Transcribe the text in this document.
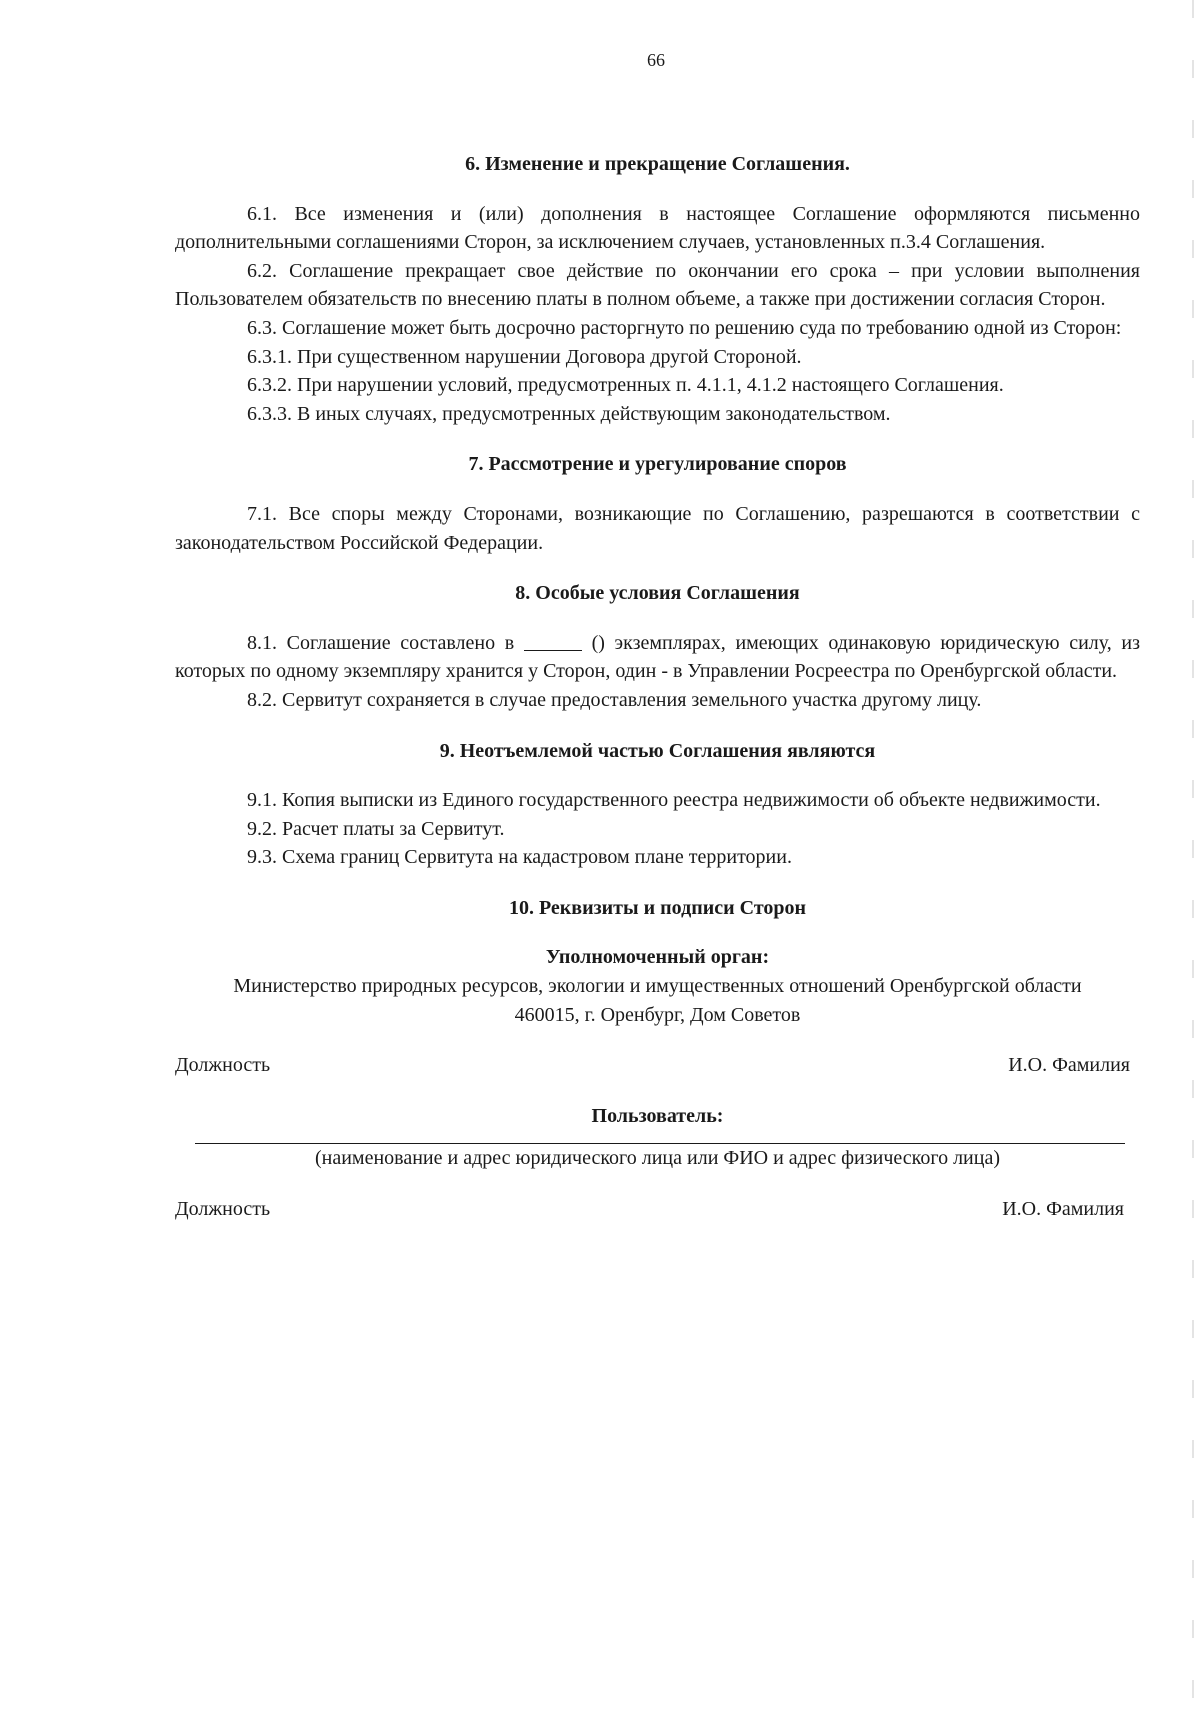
66
6. Изменение и прекращение Соглашения.

6.1. Все изменения и (или) дополнения в настоящее Соглашение оформляются письменно дополнительными соглашениями Сторон, за исключением случаев, установленных п.3.4 Соглашения.

6.2. Соглашение прекращает свое действие по окончании его срока – при условии выполнения Пользователем обязательств по внесению платы в полном объеме, а также при достижении согласия Сторон.

6.3. Соглашение может быть досрочно расторгнуто по решению суда по требованию одной из Сторон:

6.3.1. При существенном нарушении Договора другой Стороной.

6.3.2. При нарушении условий, предусмотренных п. 4.1.1, 4.1.2 настоящего Соглашения.

6.3.3. В иных случаях, предусмотренных действующим законодательством.

7. Рассмотрение и урегулирование споров

7.1. Все споры между Сторонами, возникающие по Соглашению, разрешаются в соответствии с законодательством Российской Федерации.

8. Особые условия Соглашения

8.1. Соглашение составлено в	() экземплярах, имеющих одинаковую юридическую силу, из которых по одному экземпляру хранится у Сторон, один - в Управлении Росреестра по Оренбургской области.

8.2. Сервитут сохраняется в случае предоставления земельного участка другому лицу.

9. Неотъемлемой частью Соглашения являются

9.1. Копия выписки из Единого государственного реестра недвижимости об объекте недвижимости.

9.2. Расчет платы за Сервитут.

9.3. Схема границ Сервитута на кадастровом плане территории.

10. Реквизиты и подписи Сторон

Уполномоченный орган:

Министерство природных ресурсов, экологии и имущественных отношений Оренбургской области

460015, г. Оренбург, Дом Советов

Должность	И.О. Фамилия

Пользователь:

(наименование и адрес юридического лица или ФИО и адрес физического лица)

Должность	И.О. Фамилия
